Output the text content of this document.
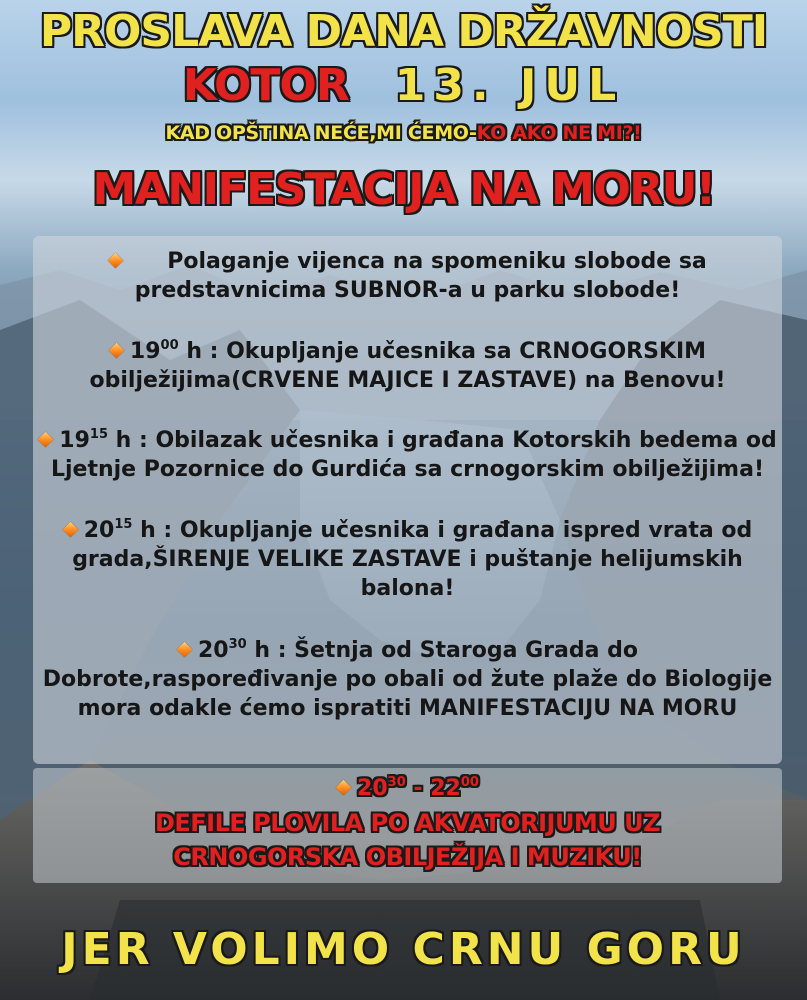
PROSLAVA DANA DRŽAVNOSTI
KOTOR 13. JUL
KAD OPŠTINA NEĆE,MI ĆEMO-KO AKO NE MI?!
MANIFESTACIJA NA MORU!

Polaganje vijenca na spomeniku slobode sa
predstavnicima SUBNOR-a u parku slobode!

$19^{00}$ h : Okupljanje učesnika sa CRNOGORSKIM
obilježijima(CRVENE MAJICE I ZASTAVE) na Benovu!

$19^{15}$ h : Obilazak učesnika i građana Kotorskih bedema od
Ljetnje Pozornice do Gurdića sa crnogorskim obilježijima!

$20^{15}$ h : Okupljanje učesnika i građana ispred vrata od
grada,ŠIRENJE VELIKE ZASTAVE i puštanje helijumskih
balona!

$20^{30}$ h : Šetnja od Staroga Grada do
Dobrote,raspoređivanje po obali od žute plaže do Biologije
mora odakle ćemo ispratiti MANIFESTACIJU NA MORU

$20^{30} - 22^{00}$

DEFILE PLOVILA PO AKVATORIJUMU UZ
CRNOGORSKA OBILJEŽIJA I MUZIKU!

JER VOLIMO CRNU GORU
